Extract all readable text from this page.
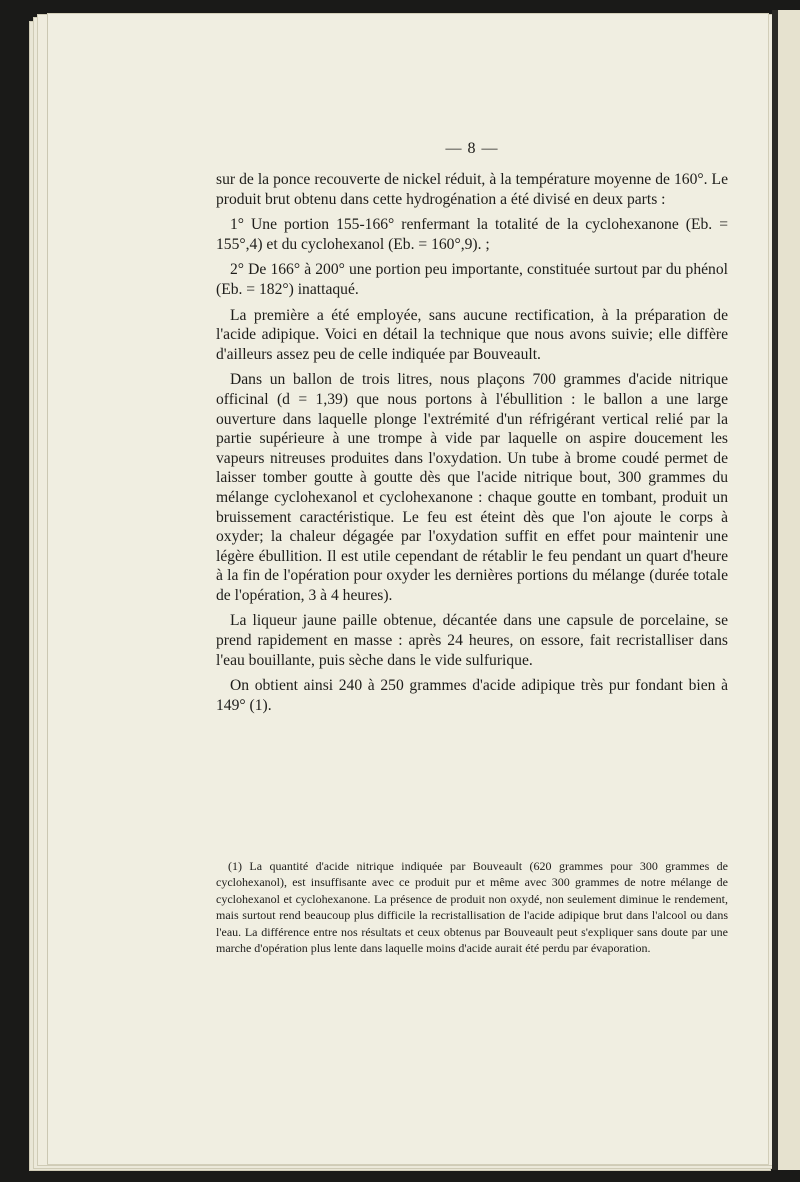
— 8 —

sur de la ponce recouverte de nickel réduit, à la température moyenne de 160°. Le produit brut obtenu dans cette hydrogénation a été divisé en deux parts :

1° Une portion 155-166° renfermant la totalité de la cyclohexanone (Eb. = 155°,4) et du cyclohexanol (Eb. = 160°,9). ;

2° De 166° à 200° une portion peu importante, constituée surtout par du phénol (Eb. = 182°) inattaqué.

La première a été employée, sans aucune rectification, à la préparation de l'acide adipique. Voici en détail la technique que nous avons suivie; elle diffère d'ailleurs assez peu de celle indiquée par Bouveault.

Dans un ballon de trois litres, nous plaçons 700 grammes d'acide nitrique officinal (d = 1,39) que nous portons à l'ébullition : le ballon a une large ouverture dans laquelle plonge l'extrémité d'un réfrigérant vertical relié par la partie supérieure à une trompe à vide par laquelle on aspire doucement les vapeurs nitreuses produites dans l'oxydation. Un tube à brome coudé permet de laisser tomber goutte à goutte dès que l'acide nitrique bout, 300 grammes du mélange cyclohexanol et cyclohexanone : chaque goutte en tombant, produit un bruissement caractéristique. Le feu est éteint dès que l'on ajoute le corps à oxyder; la chaleur dégagée par l'oxydation suffit en effet pour maintenir une légère ébullition. Il est utile cependant de rétablir le feu pendant un quart d'heure à la fin de l'opération pour oxyder les dernières portions du mélange (durée totale de l'opération, 3 à 4 heures).

La liqueur jaune paille obtenue, décantée dans une capsule de porcelaine, se prend rapidement en masse : après 24 heures, on essore, fait recristalliser dans l'eau bouillante, puis sèche dans le vide sulfurique.

On obtient ainsi 240 à 250 grammes d'acide adipique très pur fondant bien à 149° (1).

(1) La quantité d'acide nitrique indiquée par Bouveault (620 grammes pour 300 grammes de cyclohexanol), est insuffisante avec ce produit pur et même avec 300 grammes de notre mélange de cyclohexanol et cyclohexanone. La présence de produit non oxydé, non seulement diminue le rendement, mais surtout rend beaucoup plus difficile la recristallisation de l'acide adipique brut dans l'alcool ou dans l'eau. La différence entre nos résultats et ceux obtenus par Bouveault peut s'expliquer sans doute par une marche d'opération plus lente dans laquelle moins d'acide aurait été perdu par évaporation.
